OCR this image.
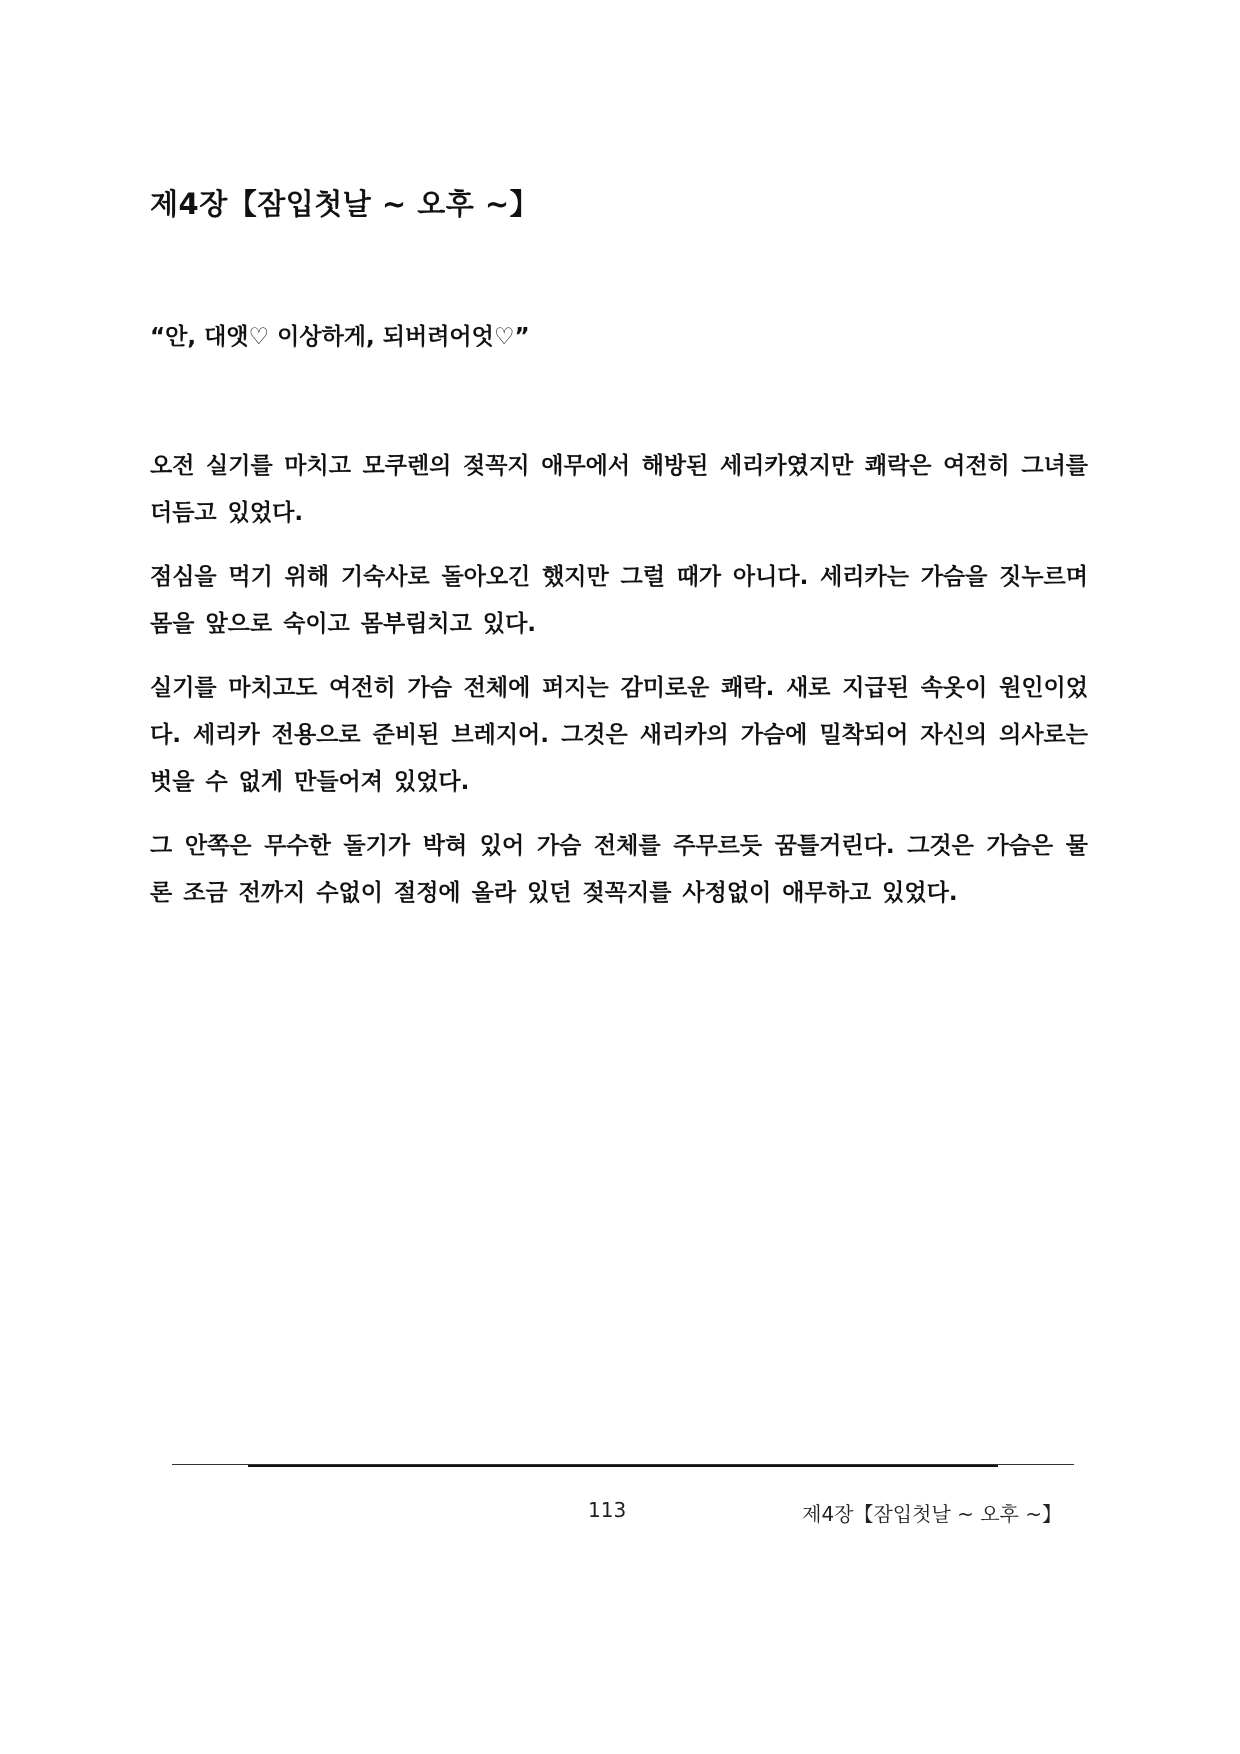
제4장【잠입첫날 ~ 오후 ~】

“안, 대앳♡ 이상하게, 되버려어엇♡”

오전 실기를 마치고 모쿠렌의 젖꼭지 애무에서 해방된 세리카였지만 쾌락은 여전히 그녀를 더듬고 있었다.

점심을 먹기 위해 기숙사로 돌아오긴 했지만 그럴 때가 아니다. 세리카는 가슴을 짓누르며 몸을 앞으로 숙이고 몸부림치고 있다.

실기를 마치고도 여전히 가슴 전체에 퍼지는 감미로운 쾌락. 새로 지급된 속옷이 원인이었다. 세리카 전용으로 준비된 브레지어. 그것은 새리카의 가슴에 밀착되어 자신의 의사로는 벗을 수 없게 만들어져 있었다.

그 안쪽은 무수한 돌기가 박혀 있어 가슴 전체를 주무르듯 꿈틀거린다. 그것은 가슴은 물론 조금 전까지 수없이 절정에 올라 있던 젖꼭지를 사정없이 애무하고 있었다.

113	제4장【잠입첫날 ~ 오후 ~】
